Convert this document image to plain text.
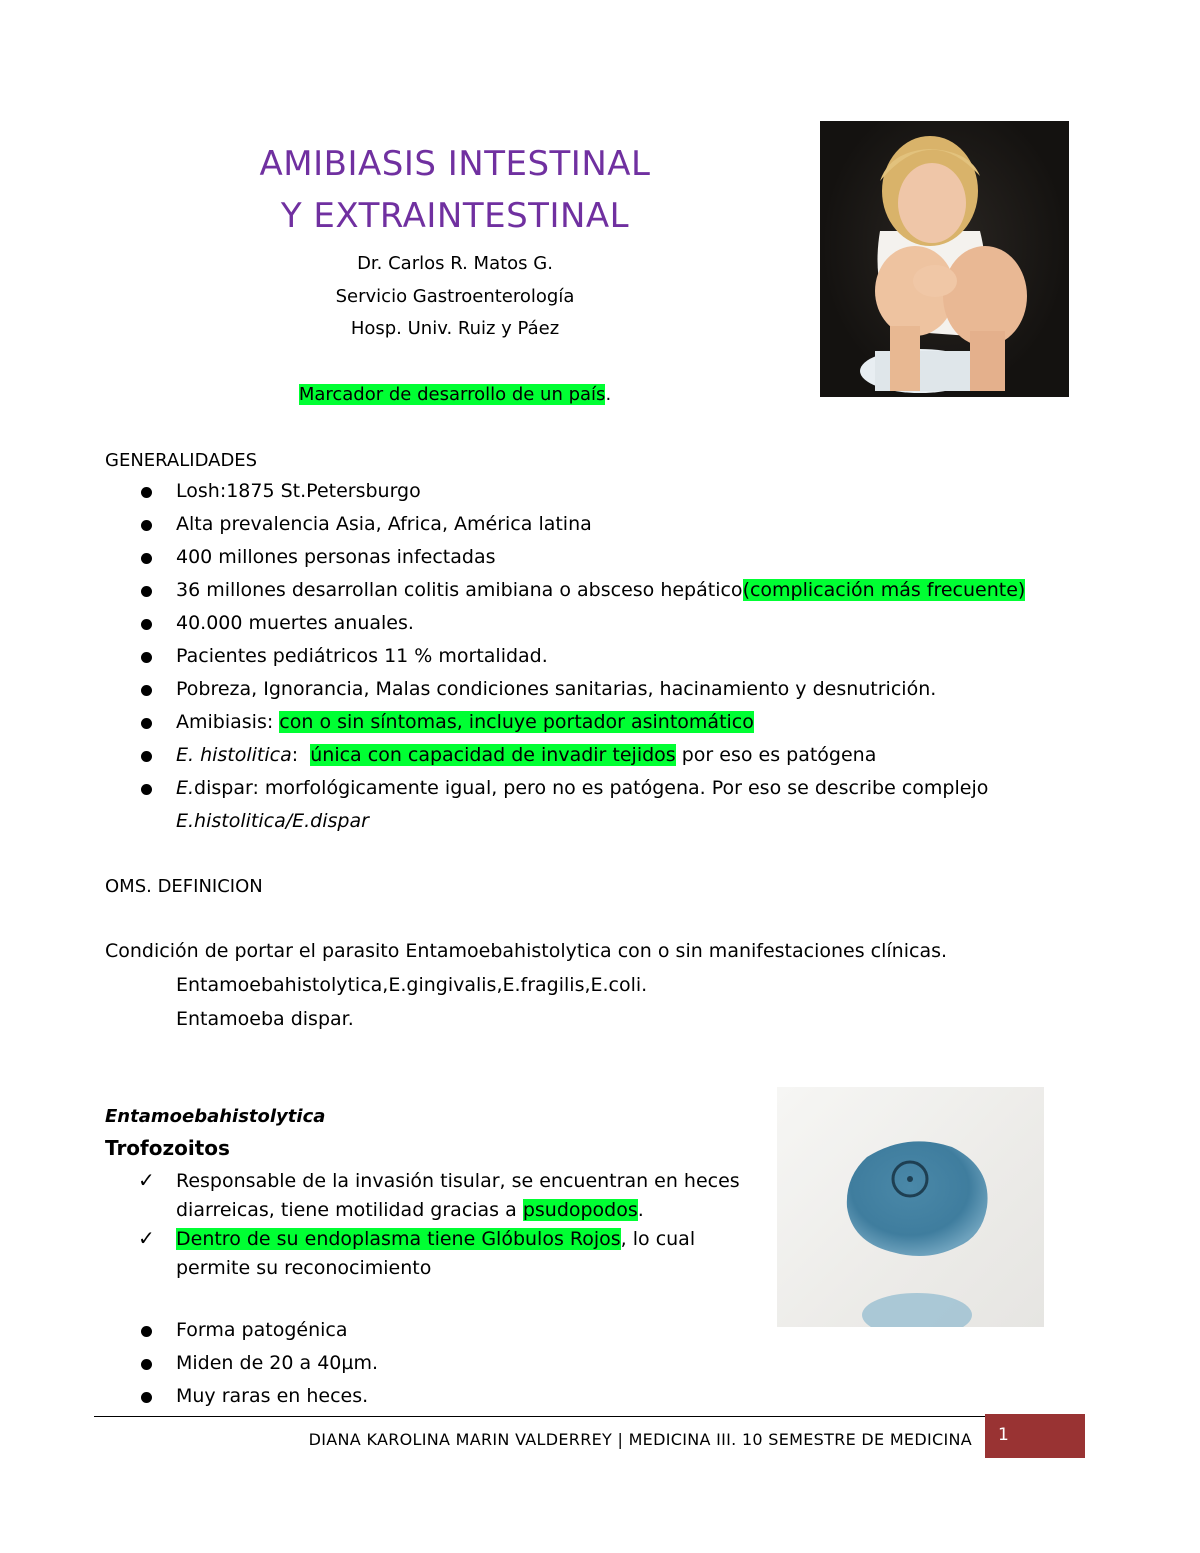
AMIBIASIS INTESTINAL
Y EXTRAINTESTINAL
Dr. Carlos R. Matos G.
Servicio Gastroenterología
Hosp. Univ. Ruiz y Páez
Marcador de desarrollo de un país.
GENERALIDADES
Losh:1875 St.Petersburgo
Alta prevalencia Asia, Africa, América latina
400 millones personas infectadas
36 millones desarrollan colitis amibiana o absceso hepático(complicación más frecuente)
40.000 muertes anuales.
Pacientes pediátricos 11 % mortalidad.
Pobreza, Ignorancia, Malas condiciones sanitarias, hacinamiento y desnutrición.
Amibiasis: con o sin síntomas, incluye portador asintomático
E. histolitica:  única con capacidad de invadir tejidos por eso es patógena
E.dispar: morfológicamente igual, pero no es patógena. Por eso se describe complejo
E.histolitica/E.dispar
OMS. DEFINICION
Condición de portar el parasito Entamoebahistolytica con o sin manifestaciones clínicas.
Entamoebahistolytica,E.gingivalis,E.fragilis,E.coli.
Entamoeba dispar.
Entamoebahistolytica
Trofozoitos
✓ Responsable de la invasión tisular, se encuentran en heces
diarreicas, tiene motilidad gracias a psudopodos.
✓ Dentro de su endoplasma tiene Glóbulos Rojos, lo cual
permite su reconocimiento
Forma patogénica
Miden de 20 a 40µm.
Muy raras en heces.
DIANA KAROLINA MARIN VALDERREY | MEDICINA III. 10 SEMESTRE DE MEDICINA 1
